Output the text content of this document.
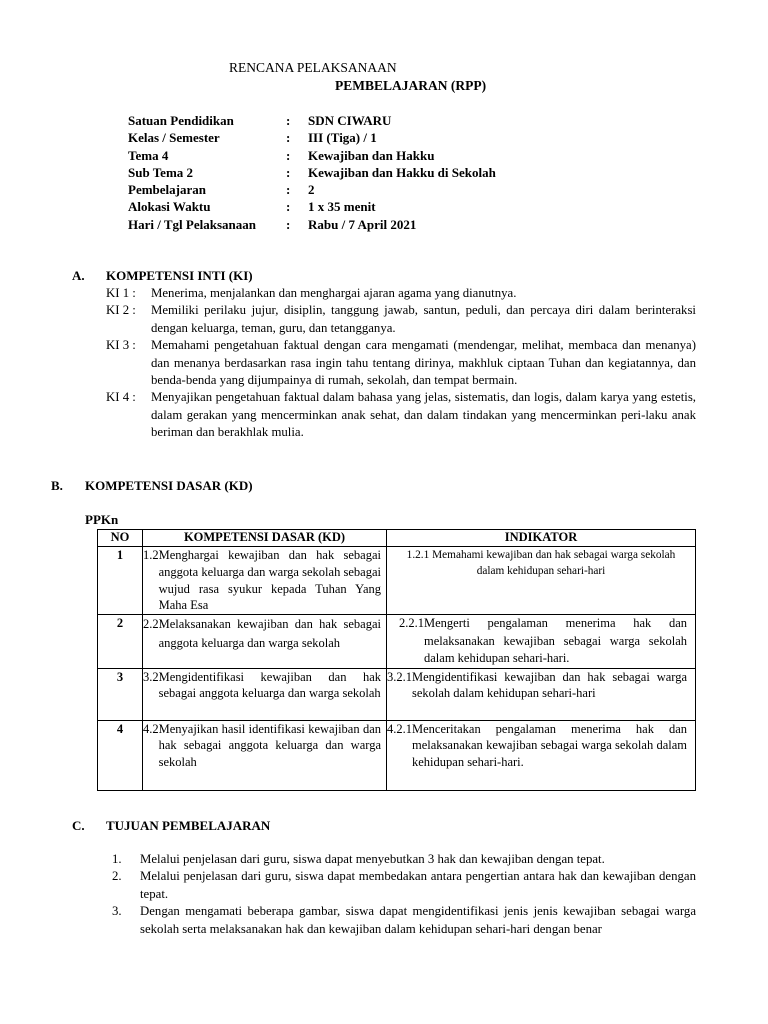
RENCANA PELAKSANAAN
PEMBELAJARAN (RPP)
Satuan Pendidikan	:	SDN CIWARU
Kelas / Semester	:	III (Tiga) / 1
Tema 4	:	Kewajiban dan Hakku
Sub Tema 2	:	Kewajiban dan Hakku di Sekolah
Pembelajaran	:	2
Alokasi Waktu	:	1 x 35 menit
Hari / Tgl Pelaksanaan	:	Rabu / 7 April 2021
A. KOMPETENSI INTI (KI)
KI 1 :	Menerima, menjalankan dan menghargai ajaran agama yang dianutnya.
KI 2 :	Memiliki perilaku jujur, disiplin, tanggung jawab, santun, peduli, dan percaya diri dalam berinteraksi dengan keluarga, teman, guru, dan tetangganya.
KI 3 :	Memahami pengetahuan faktual dengan cara mengamati (mendengar, melihat, membaca dan menanya) dan menanya berdasarkan rasa ingin tahu tentang dirinya, makhluk ciptaan Tuhan dan kegiatannya, dan benda-benda yang dijumpainya di rumah, sekolah, dan tempat bermain.
KI 4 :	Menyajikan pengetahuan faktual dalam bahasa yang jelas, sistematis, dan logis, dalam karya yang estetis, dalam gerakan yang mencerminkan anak sehat, dan dalam tindakan yang mencerminkan peri-laku anak beriman dan berakhlak mulia.
B. KOMPETENSI DASAR (KD)
PPKn
NO	KOMPETENSI DASAR (KD)	INDIKATOR
1	1.2 Menghargai kewajiban dan hak sebagai anggota keluarga dan warga sekolah sebagai wujud rasa syukur kepada Tuhan Yang Maha Esa	1.2.1 Memahami kewajiban dan hak sebagai warga sekolah dalam kehidupan sehari-hari

2	2.2 Melaksanakan kewajiban dan hak sebagai anggota keluarga dan warga sekolah	2.2.1 Mengerti pengalaman menerima hak dan melaksanakan kewajiban sebagai warga sekolah dalam kehidupan sehari-hari.

3	3.2 Mengidentifikasi kewajiban dan hak sebagai anggota keluarga dan warga sekolah	3.2.1 Mengidentifikasi kewajiban dan hak sebagai warga sekolah dalam kehidupan sehari-hari

4	4.2 Menyajikan hasil identifikasi kewajiban dan hak sebagai anggota keluarga dan warga sekolah	4.2.1 Menceritakan pengalaman menerima hak dan melaksanakan kewajiban sebagai warga sekolah dalam kehidupan sehari-hari.
C. TUJUAN PEMBELAJARAN
1.	Melalui penjelasan dari guru, siswa dapat menyebutkan 3 hak dan kewajiban dengan tepat.
2.	Melalui penjelasan dari guru, siswa dapat membedakan antara pengertian antara hak dan kewajiban dengan tepat.
3.	Dengan mengamati beberapa gambar, siswa dapat mengidentifikasi jenis jenis kewajiban sebagai warga sekolah serta melaksanakan hak dan kewajiban dalam kehidupan sehari-hari dengan benar
